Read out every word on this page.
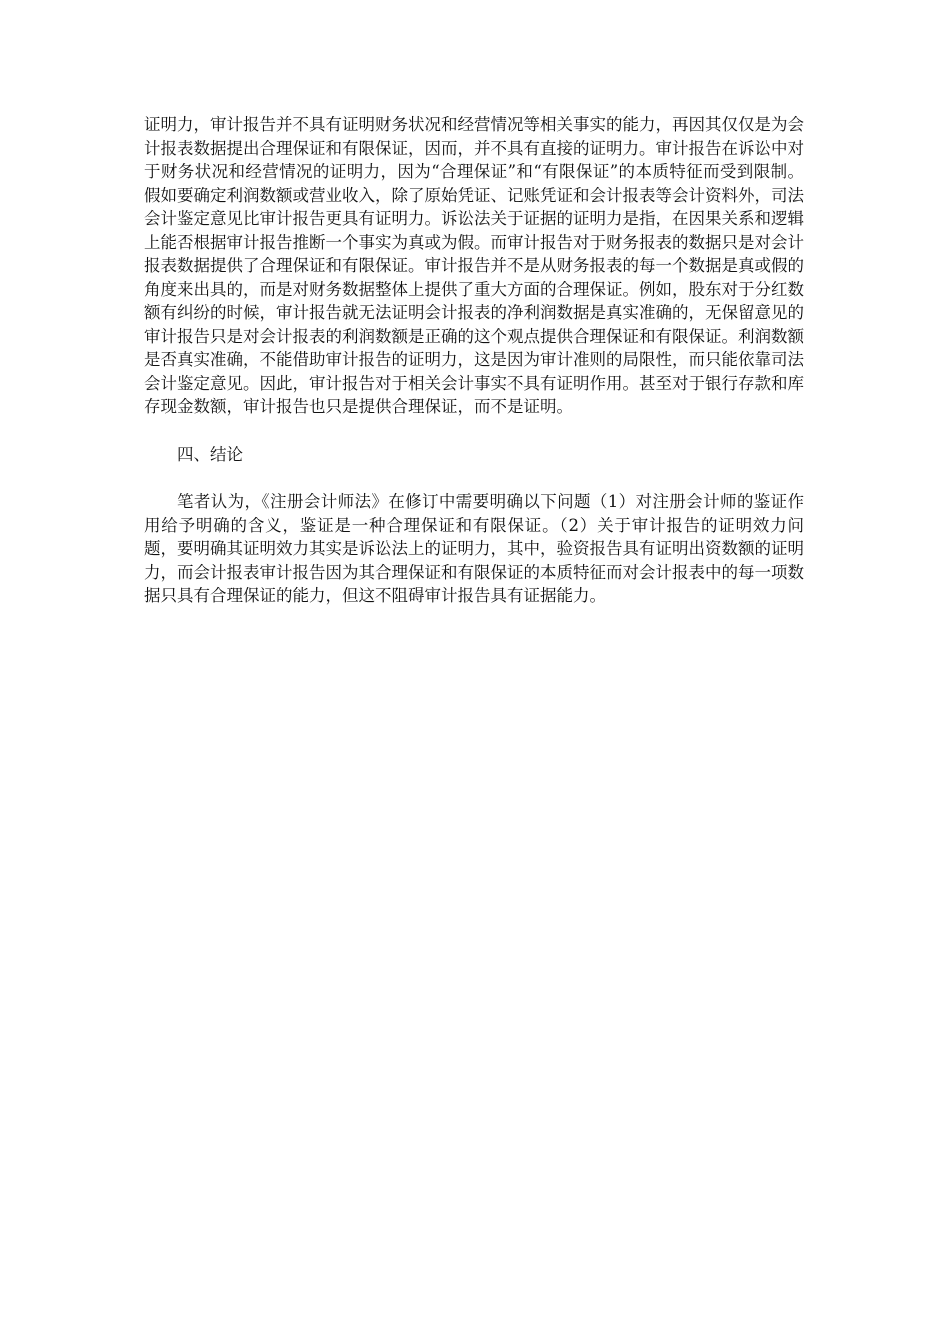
证明力，审计报告并不具有证明财务状况和经营情况等相关事实的能力，再因其仅仅是为会计报表数据提出合理保证和有限保证，因而，并不具有直接的证明力。审计报告在诉讼中对于财务状况和经营情况的证明力，因为“合理保证”和“有限保证”的本质特征而受到限制。假如要确定利润数额或营业收入，除了原始凭证、记账凭证和会计报表等会计资料外，司法会计鉴定意见比审计报告更具有证明力。诉讼法关于证据的证明力是指，在因果关系和逻辑上能否根据审计报告推断一个事实为真或为假。而审计报告对于财务报表的数据只是对会计报表数据提供了合理保证和有限保证。审计报告并不是从财务报表的每一个数据是真或假的角度来出具的，而是对财务数据整体上提供了重大方面的合理保证。例如，股东对于分红数额有纠纷的时候，审计报告就无法证明会计报表的净利润数据是真实准确的，无保留意见的审计报告只是对会计报表的利润数额是正确的这个观点提供合理保证和有限保证。利润数额是否真实准确，不能借助审计报告的证明力，这是因为审计准则的局限性，而只能依靠司法会计鉴定意见。因此，审计报告对于相关会计事实不具有证明作用。甚至对于银行存款和库存现金数额，审计报告也只是提供合理保证，而不是证明。

四、结论

笔者认为，《注册会计师法》在修订中需要明确以下问题（1）对注册会计师的鉴证作用给予明确的含义，鉴证是一种合理保证和有限保证。（2）关于审计报告的证明效力问题，要明确其证明效力其实是诉讼法上的证明力，其中，验资报告具有证明出资数额的证明力，而会计报表审计报告因为其合理保证和有限保证的本质特征而对会计报表中的每一项数据只具有合理保证的能力，但这不阻碍审计报告具有证据能力。
